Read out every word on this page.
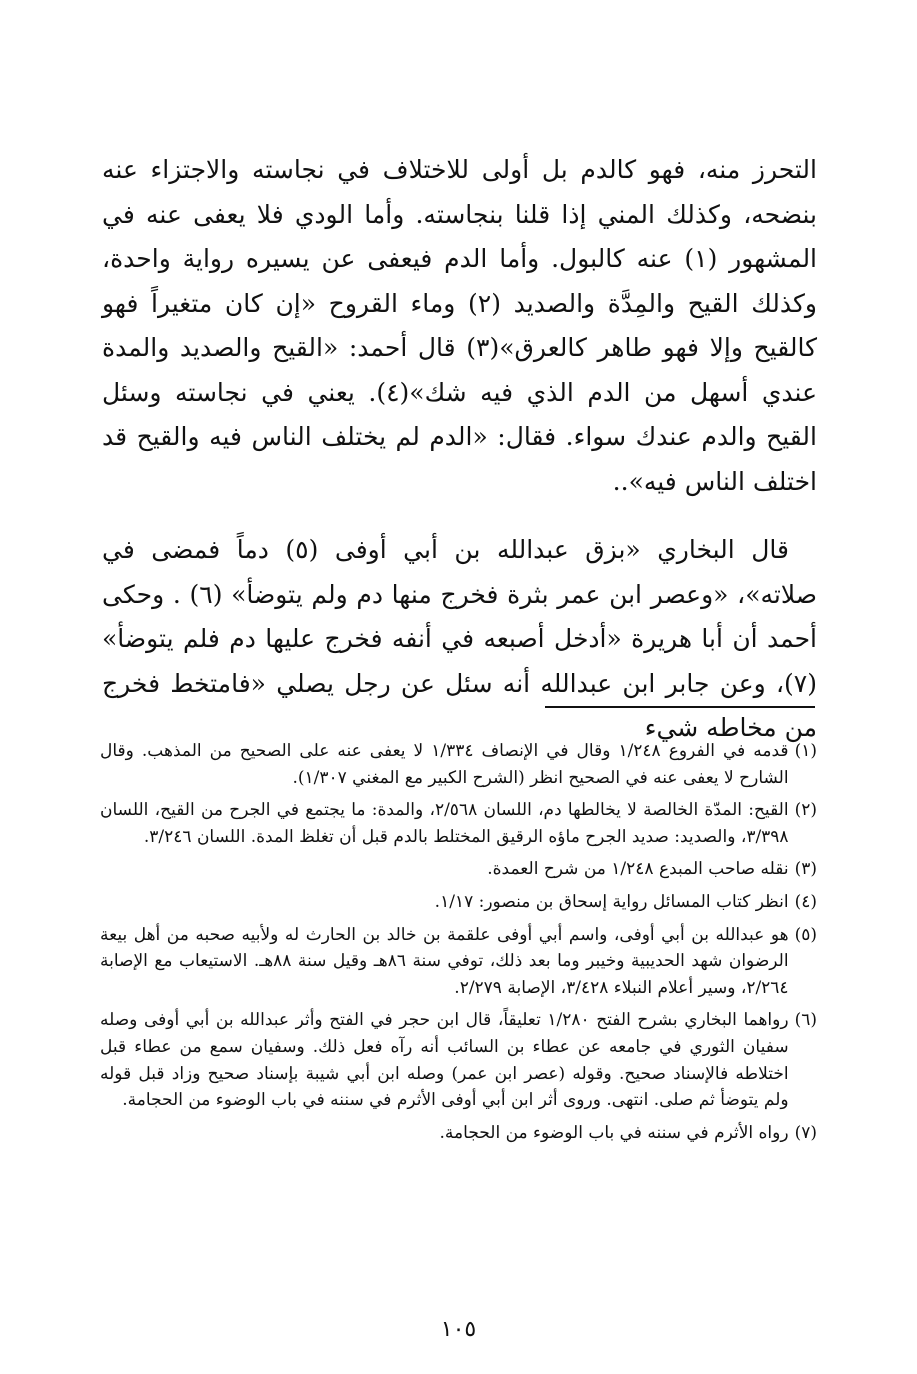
التحرز منه، فهو كالدم بل أولى للاختلاف في نجاسته والاجتزاء عنه بنضحه، وكذلك المني إذا قلنا بنجاسته. وأما الودي فلا يعفى عنه في المشهور (١) عنه كالبول. وأما الدم فيعفى عن يسيره رواية واحدة، وكذلك القيح والمِدَّة والصديد (٢) وماء القروح «إن كان متغيراً فهو كالقيح وإلا فهو طاهر كالعرق»(٣) قال أحمد: «القيح والصديد والمدة عندي أسهل من الدم الذي فيه شك»(٤). يعني في نجاسته وسئل القيح والدم عندك سواء. فقال: «الدم لم يختلف الناس فيه والقيح قد اختلف الناس فيه»..

قال البخاري «بزق عبدالله بن أبي أوفى (٥) دماً فمضى في صلاته»، «وعصر ابن عمر بثرة فخرج منها دم ولم يتوضأ» (٦) . وحكى أحمد أن أبا هريرة «أدخل أصبعه في أنفه فخرج عليها دم فلم يتوضأ» (٧)، وعن جابر ابن عبدالله أنه سئل عن رجل يصلي «فامتخط فخرج من مخاطه شيء

(١)
قدمه في الفروع ١/٢٤٨ وقال في الإنصاف ١/٣٣٤ لا يعفى عنه على الصحيح من المذهب. وقال الشارح لا يعفى عنه في الصحيح انظر (الشرح الكبير مع المغني ١/٣٠٧).
(٢)
القيح: المدّة الخالصة لا يخالطها دم، اللسان ٢/٥٦٨، والمدة: ما يجتمع في الجرح من القيح، اللسان ٣/٣٩٨، والصديد: صديد الجرح ماؤه الرقيق المختلط بالدم قبل أن تغلظ المدة. اللسان ٣/٢٤٦.
(٣)
نقله صاحب المبدع ١/٢٤٨ من شرح العمدة.
(٤)
انظر كتاب المسائل رواية إسحاق بن منصور: ١/١٧.
(٥)
هو عبدالله بن أبي أوفى، واسم أبي أوفى علقمة بن خالد بن الحارث له ولأبيه صحبه من أهل بيعة الرضوان شهد الحديبية وخيبر وما بعد ذلك، توفي سنة ٨٦هـ وقيل سنة ٨٨هـ. الاستيعاب مع الإصابة ٢/٢٦٤، وسير أعلام النبلاء ٣/٤٢٨، الإصابة ٢/٢٧٩.
(٦)
رواهما البخاري بشرح الفتح ١/٢٨٠ تعليقاً، قال ابن حجر في الفتح وأثر عبدالله بن أبي أوفى وصله سفيان الثوري في جامعه عن عطاء بن السائب أنه رآه فعل ذلك. وسفيان سمع من عطاء قبل اختلاطه فالإسناد صحيح. وقوله (عصر ابن عمر) وصله ابن أبي شيبة بإسناد صحيح وزاد قبل قوله ولم يتوضأ ثم صلى. انتهى. وروى أثر ابن أبي أوفى الأثرم في سننه في باب الوضوء من الحجامة.
(٧)
رواه الأثرم في سننه في باب الوضوء من الحجامة.
١٠٥
